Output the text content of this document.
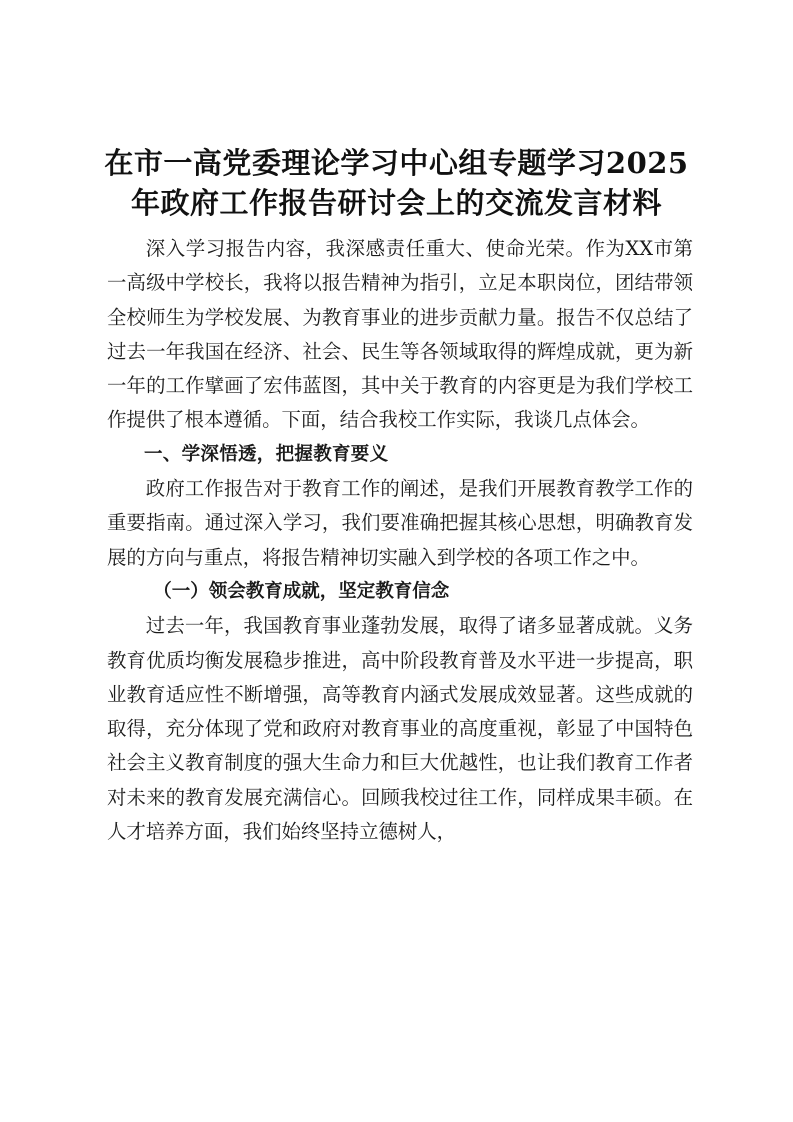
在市一高党委理论学习中心组专题学习2025年政府工作报告研讨会上的交流发言材料

深入学习报告内容，我深感责任重大、使命光荣。作为XX市第一高级中学校长，我将以报告精神为指引，立足本职岗位，团结带领全校师生为学校发展、为教育事业的进步贡献力量。报告不仅总结了过去一年我国在经济、社会、民生等各领域取得的辉煌成就，更为新一年的工作擘画了宏伟蓝图，其中关于教育的内容更是为我们学校工作提供了根本遵循。下面，结合我校工作实际，我谈几点体会。

一、学深悟透，把握教育要义

政府工作报告对于教育工作的阐述，是我们开展教育教学工作的重要指南。通过深入学习，我们要准确把握其核心思想，明确教育发展的方向与重点，将报告精神切实融入到学校的各项工作之中。

（一）领会教育成就，坚定教育信念

过去一年，我国教育事业蓬勃发展，取得了诸多显著成就。义务教育优质均衡发展稳步推进，高中阶段教育普及水平进一步提高，职业教育适应性不断增强，高等教育内涵式发展成效显著。这些成就的取得，充分体现了党和政府对教育事业的高度重视，彰显了中国特色社会主义教育制度的强大生命力和巨大优越性，也让我们教育工作者对未来的教育发展充满信心。回顾我校过往工作，同样成果丰硕。在人才培养方面，我们始终坚持立德树人，
